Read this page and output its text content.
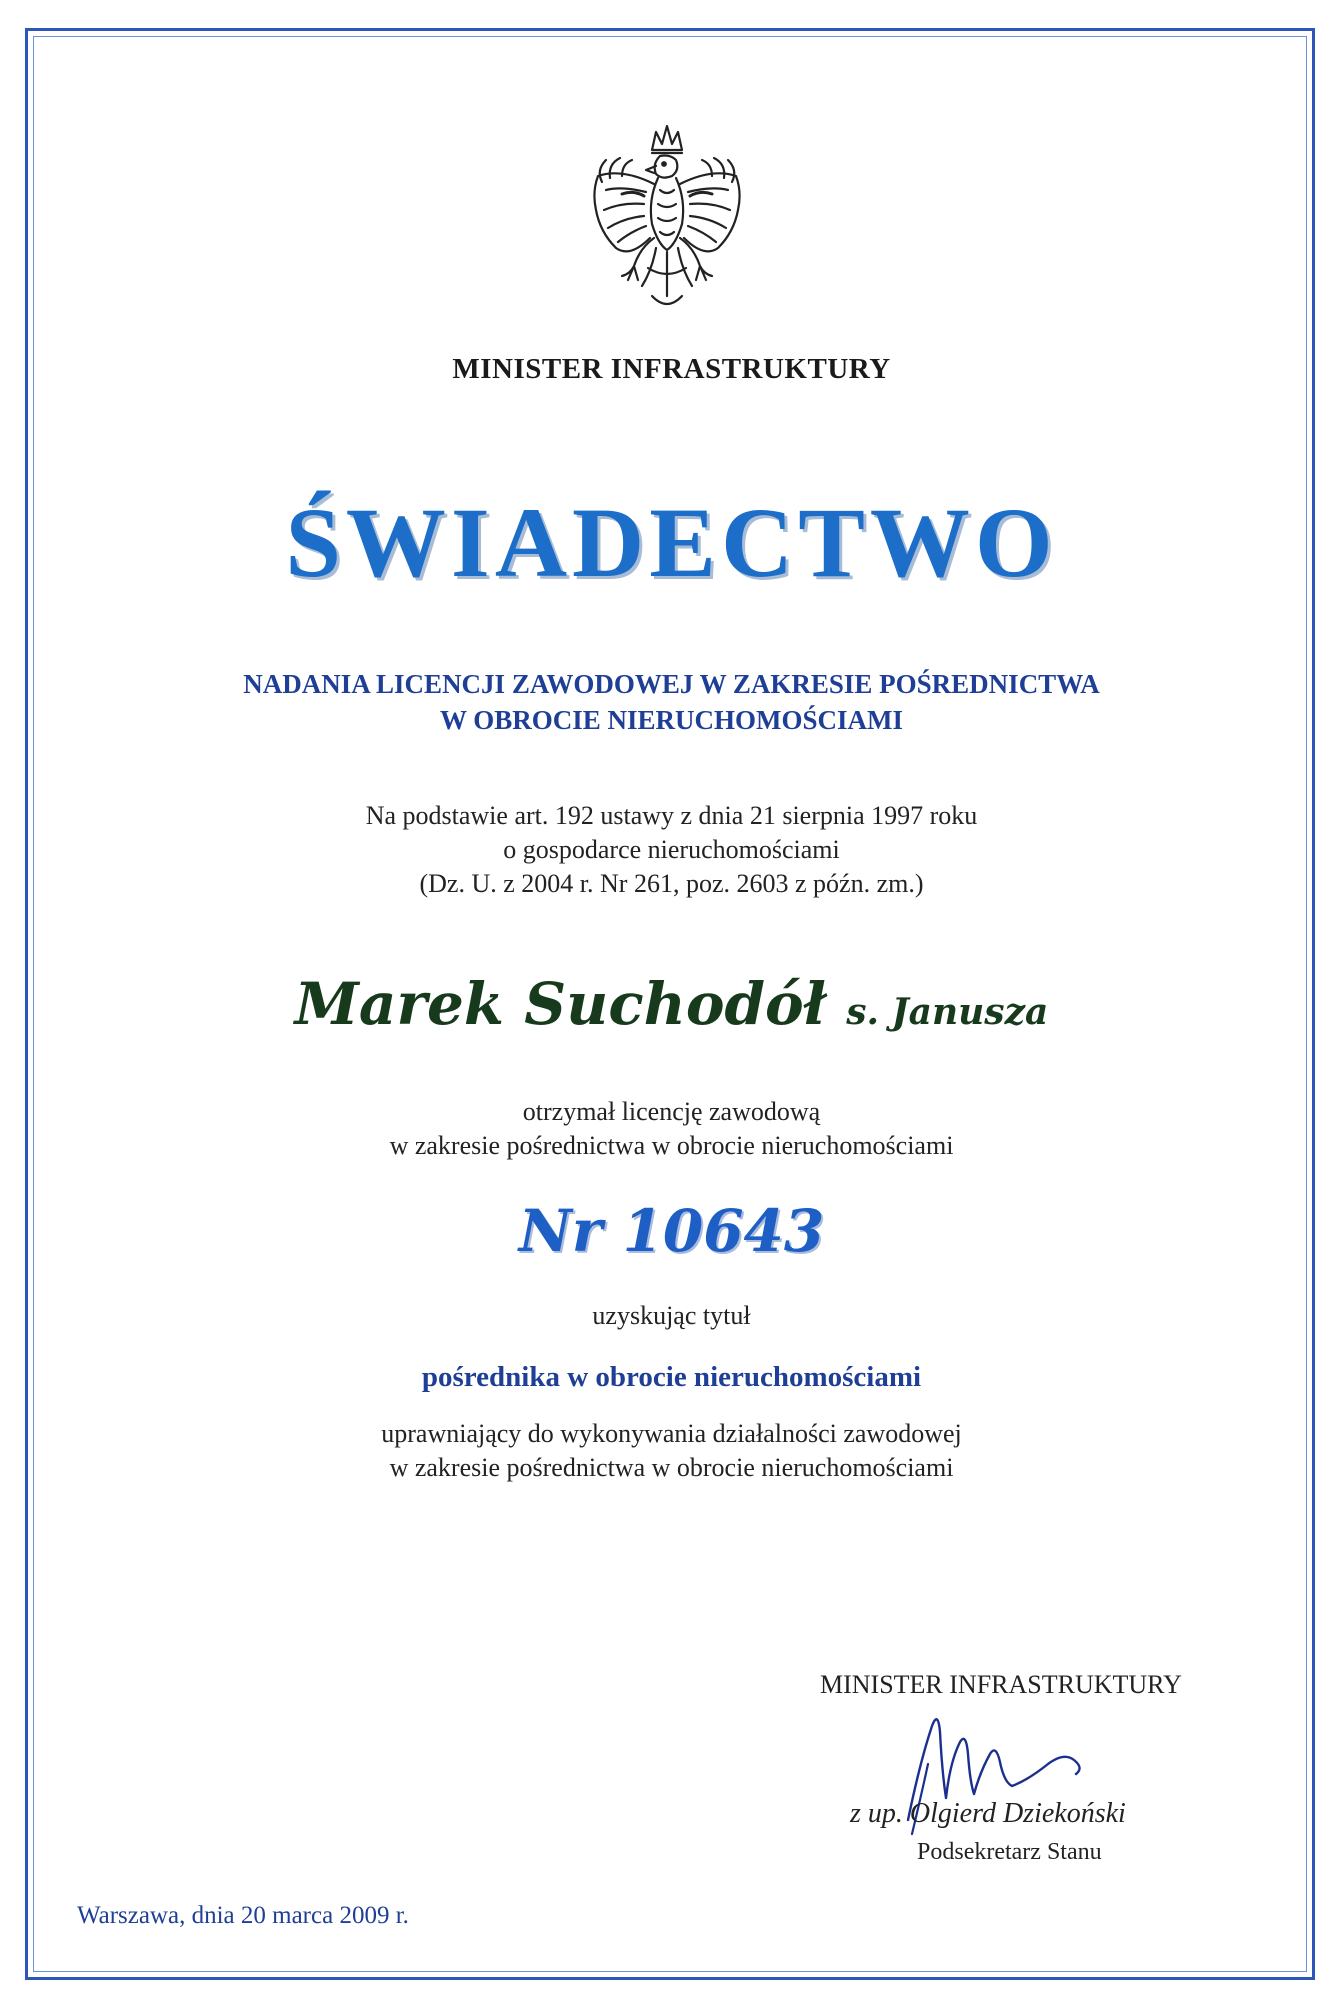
MINISTER INFRASTRUKTURY
ŚWIADECTWO
NADANIA LICENCJI ZAWODOWEJ W ZAKRESIE POŚREDNICTWA
W OBROCIE NIERUCHOMOŚCIAMI
Na podstawie art. 192 ustawy z dnia 21 sierpnia 1997 roku
o gospodarce nieruchomościami
(Dz. U. z 2004 r. Nr 261, poz. 2603 z późn. zm.)
Marek Suchodół s. Janusza
otrzymał licencję zawodową
w zakresie pośrednictwa w obrocie nieruchomościami
Nr 10643
uzyskując tytuł
pośrednika w obrocie nieruchomościami
uprawniający do wykonywania działalności zawodowej
w zakresie pośrednictwa w obrocie nieruchomościami
MINISTER INFRASTRUKTURY
z up. Olgierd Dziekoński
Podsekretarz Stanu
Warszawa, dnia 20 marca 2009 r.
